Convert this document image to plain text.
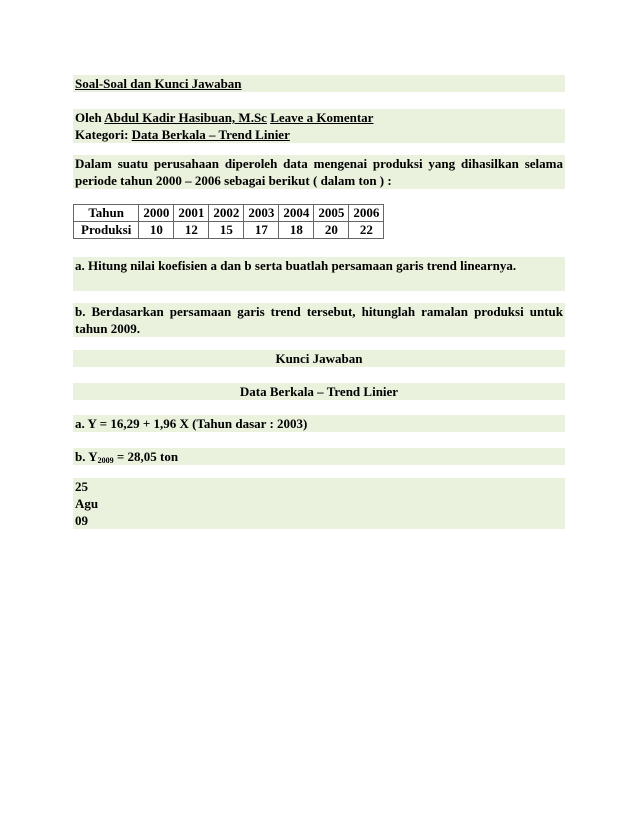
Soal-Soal dan Kunci Jawaban
Oleh Abdul Kadir Hasibuan, M.Sc Leave a Komentar
Kategori: Data Berkala – Trend Linier
Dalam suatu perusahaan diperoleh data mengenai produksi yang dihasilkan selama periode tahun 2000 – 2006 sebagai berikut ( dalam ton ) :
Tahun	2000	2001	2002	2003	2004	2005	2006
Produksi	10	12	15	17	18	20	22
a. Hitung nilai koefisien a dan b serta buatlah persamaan garis trend linearnya.
b. Berdasarkan persamaan garis trend tersebut, hitunglah ramalan produksi untuk tahun 2009.
Kunci Jawaban
Data Berkala – Trend Linier
a. Y = 16,29 + 1,96 X (Tahun dasar : 2003)
b. $Y_{2009} = 28,05$ ton
25
Agu
09
